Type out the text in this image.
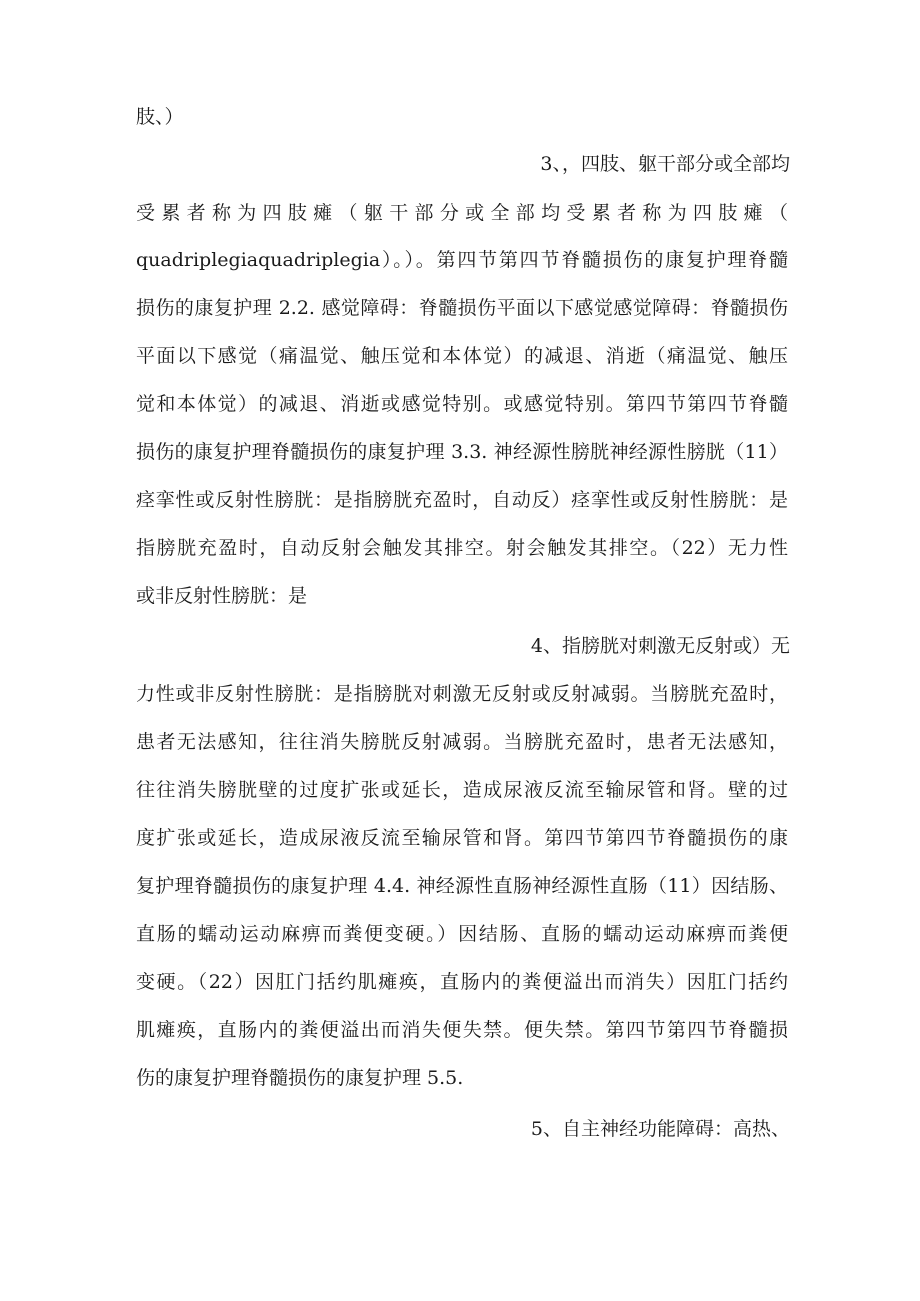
肢、）
3、，四肢、躯干部分或全部均
受累者称为四肢瘫（躯干部分或全部均受累者称为四肢瘫（
quadriplegiaquadriplegia）。）。第四节第四节脊髓损伤的康复护理脊髓
损伤的康复护理 2.2. 感觉障碍：脊髓损伤平面以下感觉感觉障碍：脊髓损伤
平面以下感觉（痛温觉、触压觉和本体觉）的减退、消逝（痛温觉、触压
觉和本体觉）的减退、消逝或感觉特别。或感觉特别。第四节第四节脊髓
损伤的康复护理脊髓损伤的康复护理 3.3. 神经源性膀胱神经源性膀胱（11）
痉挛性或反射性膀胱：是指膀胱充盈时，自动反）痉挛性或反射性膀胱：是
指膀胱充盈时，自动反射会触发其排空。射会触发其排空。（22）无力性
或非反射性膀胱：是
4、指膀胱对刺激无反射或）无
力性或非反射性膀胱：是指膀胱对刺激无反射或反射减弱。当膀胱充盈时，
患者无法感知，往往消失膀胱反射减弱。当膀胱充盈时，患者无法感知，
往往消失膀胱壁的过度扩张或延长，造成尿液反流至输尿管和肾。壁的过
度扩张或延长，造成尿液反流至输尿管和肾。第四节第四节脊髓损伤的康
复护理脊髓损伤的康复护理 4.4. 神经源性直肠神经源性直肠（11）因结肠、
直肠的蠕动运动麻痹而粪便变硬。）因结肠、直肠的蠕动运动麻痹而粪便
变硬。（22）因肛门括约肌瘫痪，直肠内的粪便溢出而消失）因肛门括约
肌瘫痪，直肠内的粪便溢出而消失便失禁。便失禁。第四节第四节脊髓损
伤的康复护理脊髓损伤的康复护理 5.5.
5、自主神经功能障碍：高热、
